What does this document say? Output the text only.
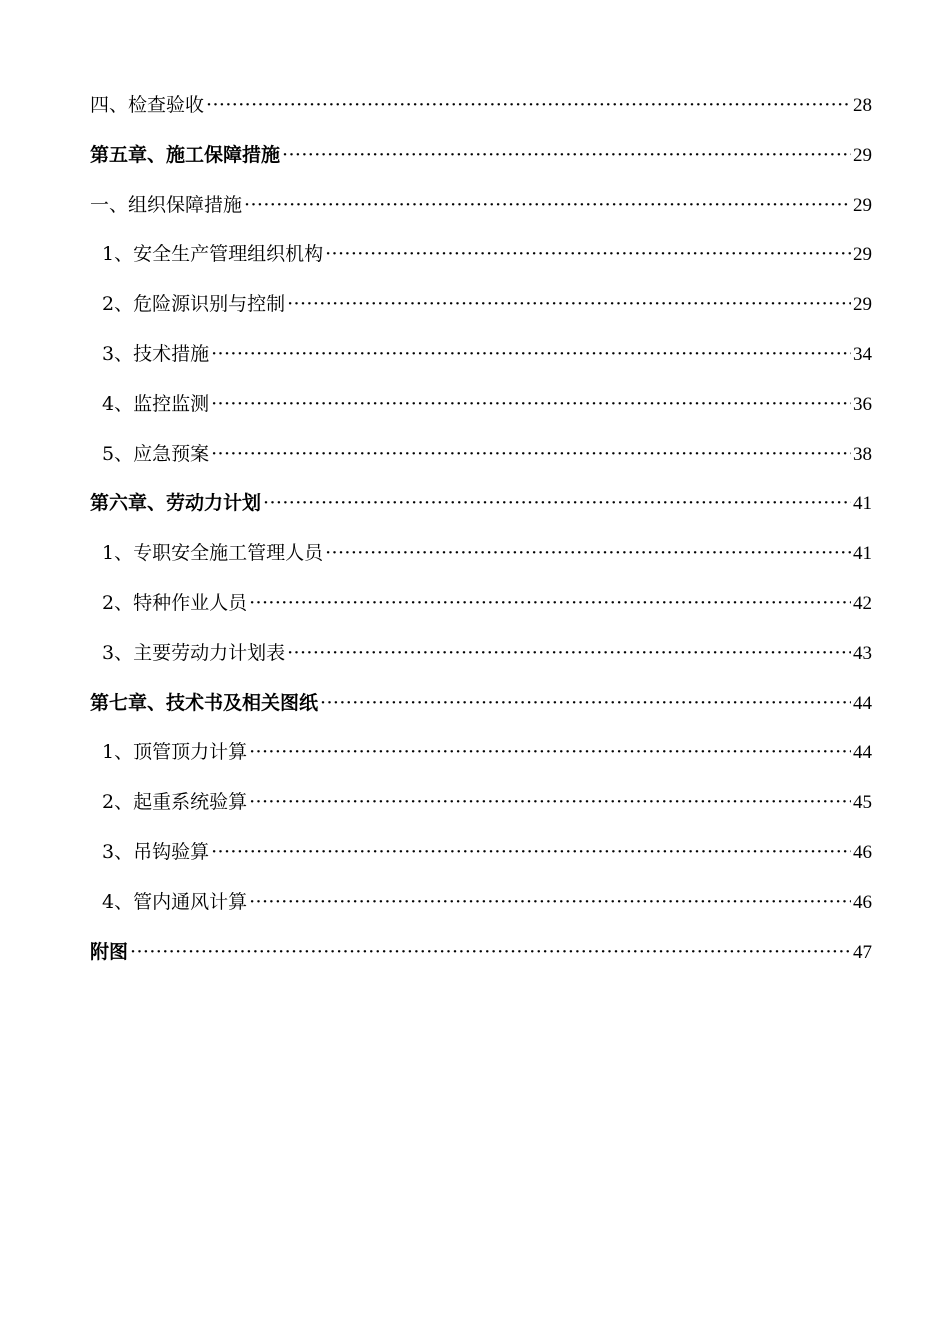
四、检查验收 ·····	28
第五章、施工保障措施 ·····	29
一、组织保障措施 ·····	29
1、安全生产管理组织机构 ·····	29
2、危险源识别与控制 ·····	29
3、技术措施 ·····	34
4、监控监测 ·····	36
5、应急预案 ·····	38
第六章、劳动力计划 ·····	41
1、专职安全施工管理人员 ·····	41
2、特种作业人员 ·····	42
3、主要劳动力计划表 ·····	43
第七章、技术书及相关图纸 ·····	44
1、顶管顶力计算 ·····	44
2、起重系统验算 ·····	45
3、吊钩验算 ·····	46
4、管内通风计算 ·····	46
附图 ·····	47
